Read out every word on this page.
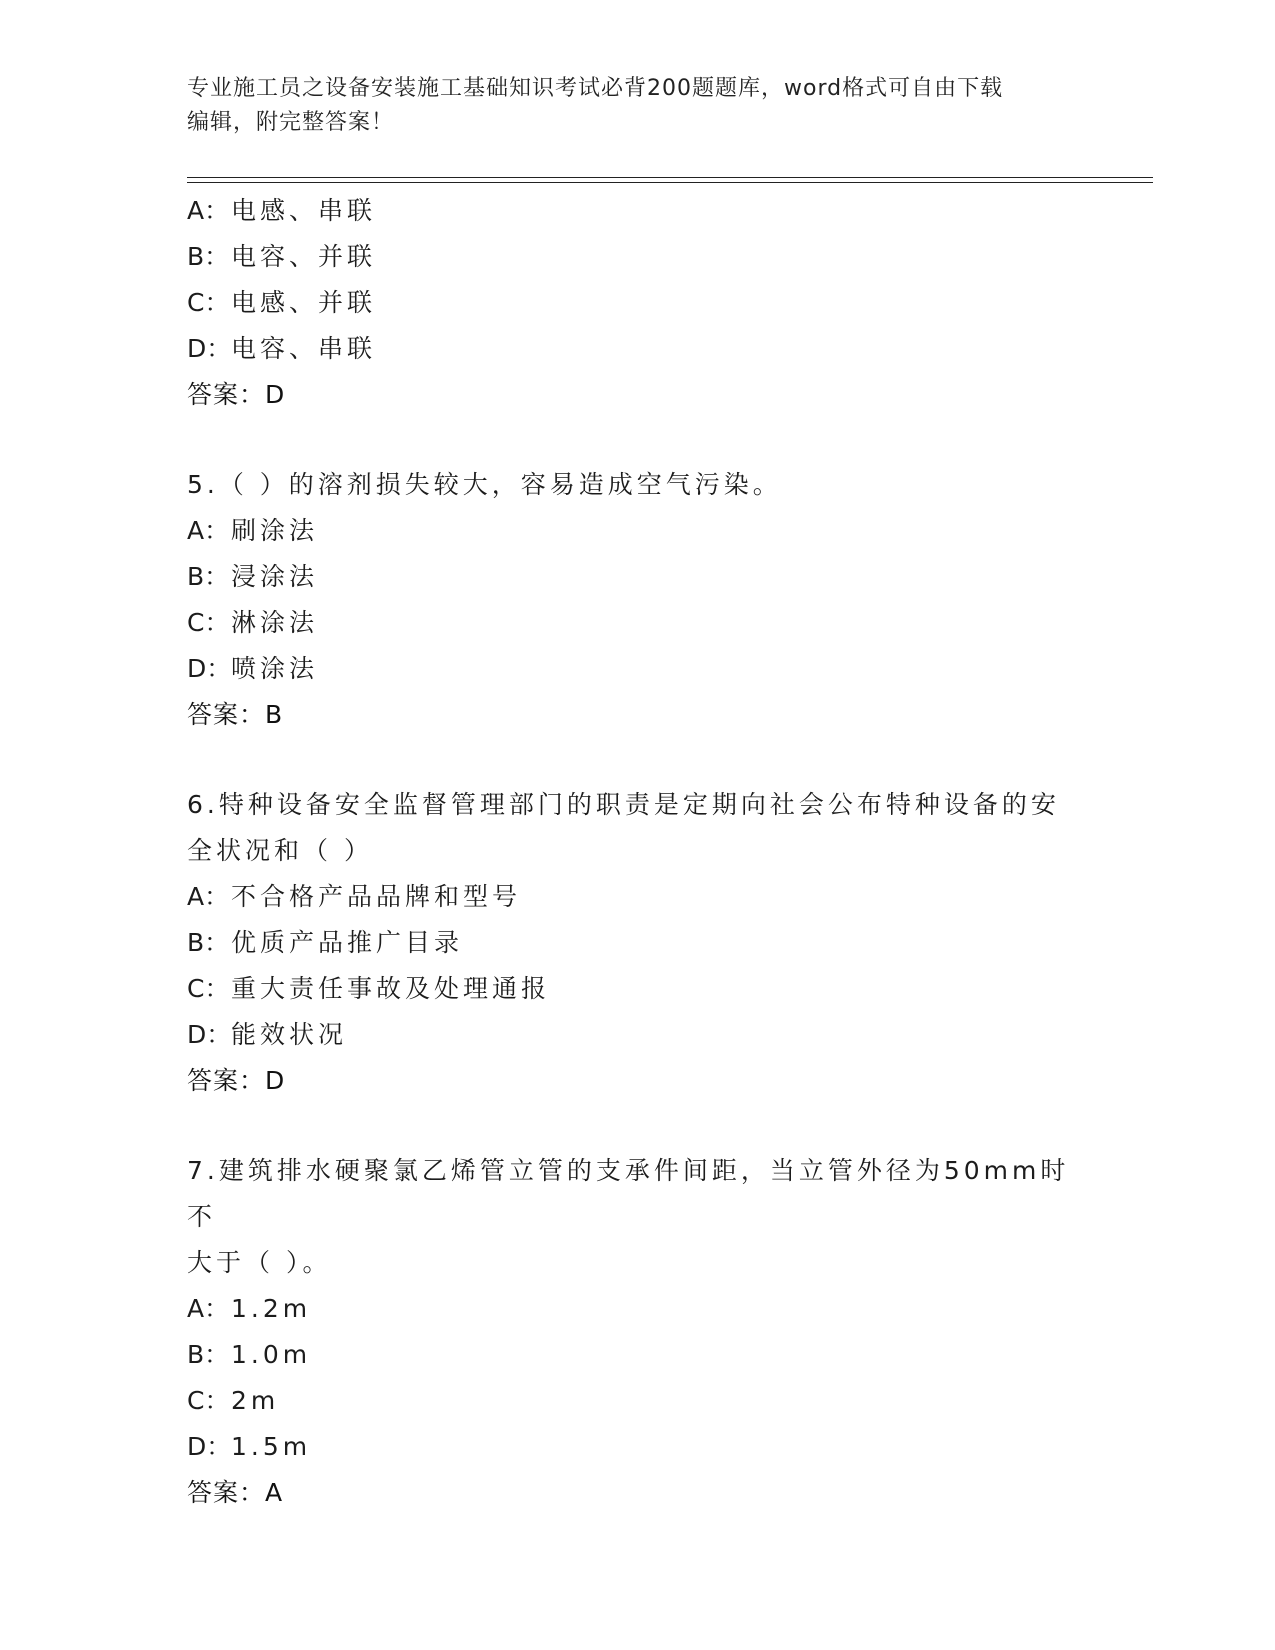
专业施工员之设备安装施工基础知识考试必背200题题库，word格式可自由下载
编辑，附完整答案！
A：电感、串联
B：电容、并联
C：电感、并联
D：电容、串联
答案：D
5.（ ）的溶剂损失较大，容易造成空气污染。
A：刷涂法
B：浸涂法
C：淋涂法
D：喷涂法
答案：B
6.特种设备安全监督管理部门的职责是定期向社会公布特种设备的安
全状况和（ ）
A：不合格产品品牌和型号
B：优质产品推广目录
C：重大责任事故及处理通报
D：能效状况
答案：D
7.建筑排水硬聚氯乙烯管立管的支承件间距，当立管外径为50mm时不
大于（ ）。
A：1.2m
B：1.0m
C：2m
D：1.5m
答案：A
